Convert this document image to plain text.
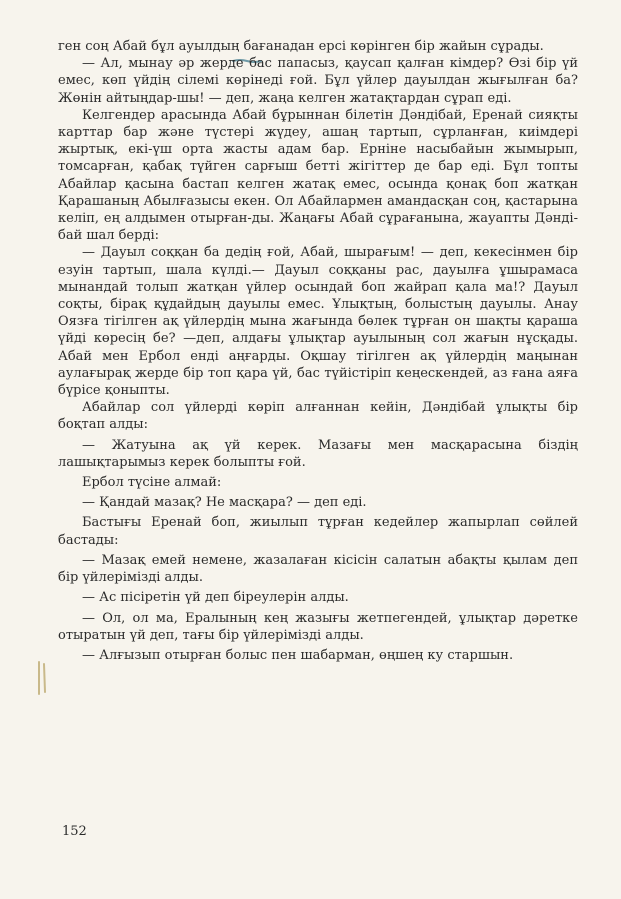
ген соң Абай бұл ауылдың бағанадан ерсі көрінген бір жайын сұрады.

— Ал, мынау әр жерде бас папасыз, қаусап қалған кімдер? Өзі бір үй емес, көп үйдің сілемі көрінеді ғой. Бұл үйлер дауылдан жығылған ба? Жөнін айтыңдар-шы! — деп, жаңа келген жатақтардан сұрап еді.

Келгендер арасында Абай бұрыннан білетін Дәндібай, Еренай сияқты карттар бар және түстері жүдеу, ашаң тартып, сұрланған, киімдері жыртық, екі-үш орта жасты адам бар. Ерніне насыбайын жымырып, томсарған, қабақ түйген сарғыш бетті жігіттер де бар еді. Бұл топты Абайлар қасына бастап келген жатақ емес, осында қонақ боп жатқан Қарашаның Абылғазысы екен. Ол Абайлармен амандасқан соң, қастарына келіп, ең алдымен отырған-ды. Жаңағы Абай сұрағанына, жауапты Дәндібай шал берді:

— Дауыл соққан ба дедің ғой, Абай, шырағым! — деп, кекесінмен бір езуін тартып, шала күлді.— Дауыл соққаны рас, дауылға ұшырамаса мынандай толып жатқан үйлер осындай боп жайрап қала ма!? Дауыл соқты, бірақ құдайдың дауылы емес. Ұлықтың, болыстың дауылы. Анау Оязға тігілген ақ үйлердің мына жағында бөлек тұрған он шақты қараша үйді көресің бе? —деп, алдағы ұлықтар ауылының сол жағын нұсқады. Абай мен Ербол енді аңғарды. Оқшау тігілген ақ үйлердің маңынан аулағырақ жерде бір топ қара үй, бас түйістіріп кеңескендей, аз ғана аяға бүрісе қоныпты.

Абайлар сол үйлерді көріп алғаннан кейін, Дәндібай ұлықты бір боқтап алды:

— Жатуына ақ үй керек. Мазағы мен масқарасына біздің лашықтарымыз керек болыпты ғой.

Ербол түсіне алмай:

— Қандай мазақ? Не масқара? — деп еді.

Бастығы Еренай боп, жиылып тұрған кедейлер жапырлап сөйлей бастады:

— Мазақ емей немене, жазалаған кісісін салатын абақты қылам деп бір үйлерімізді алды.

— Ас пісіретін үй деп біреулерін алды.

— Ол, ол ма, Ералының кең жазығы жетпегендей, ұлықтар дәретке отыратын үй деп, тағы бір үйлерімізді алды.

— Алғызып отырған болыс пен шабарман, өңшең ку старшын.

152
